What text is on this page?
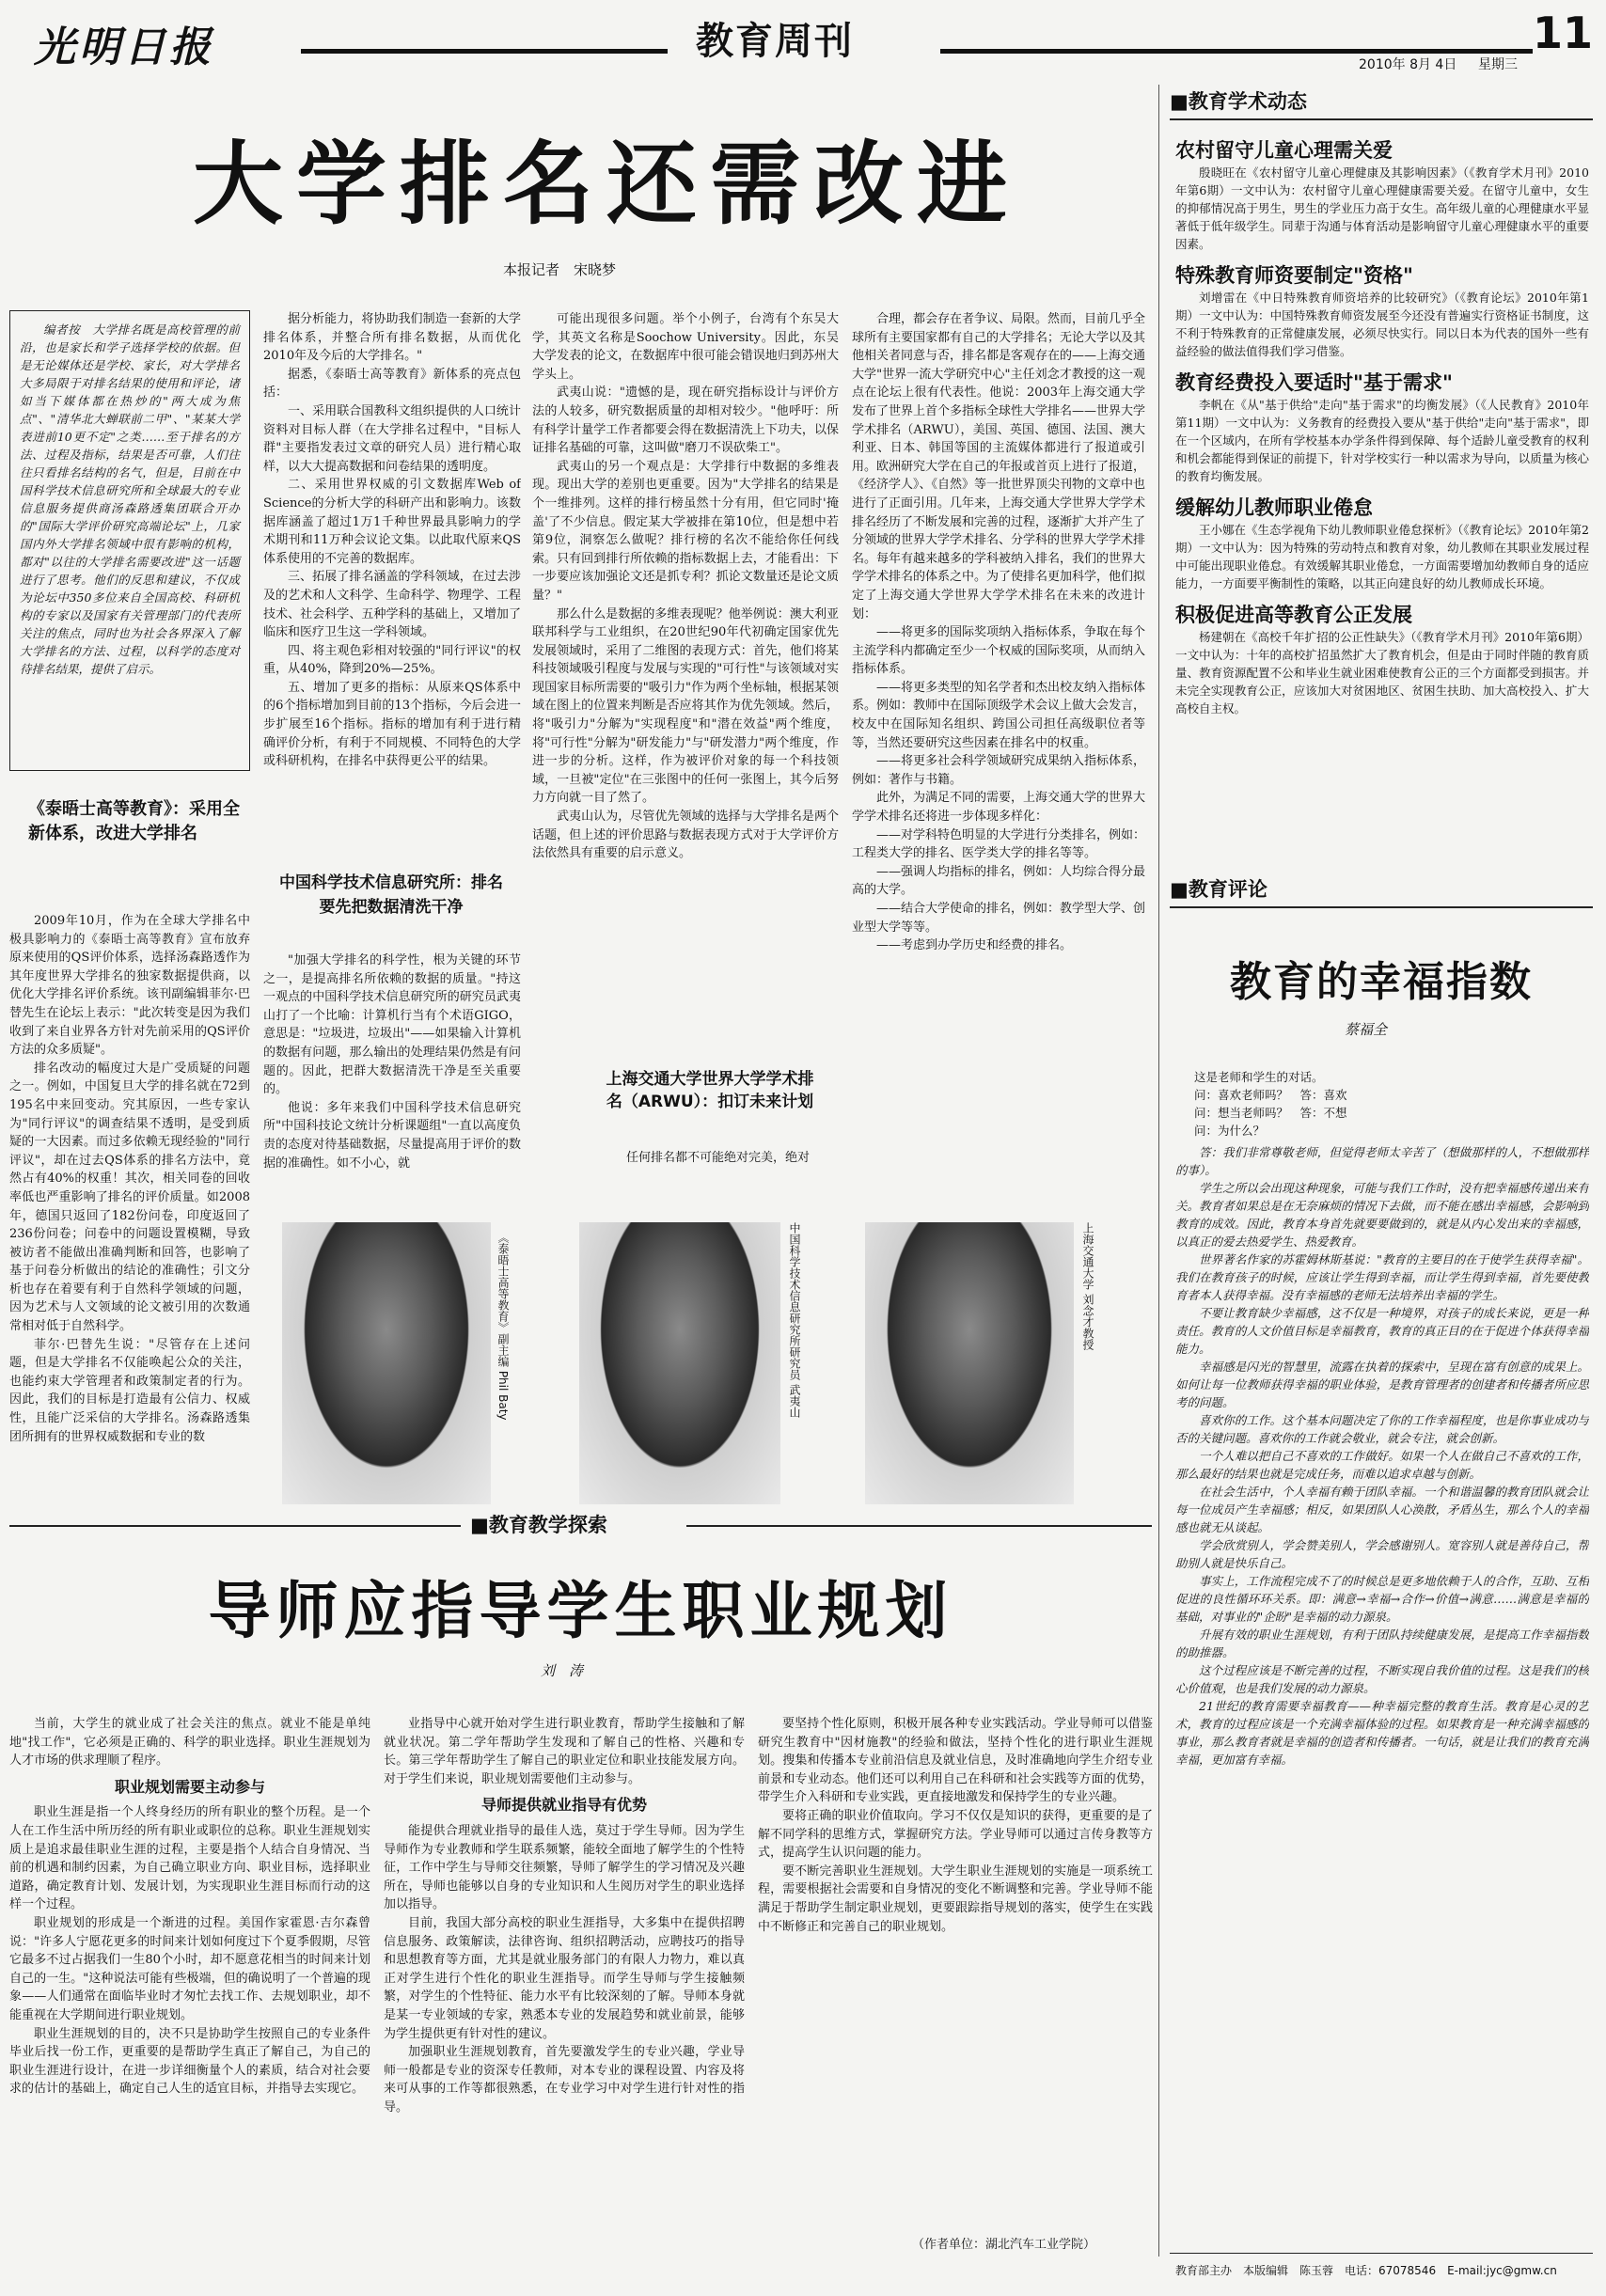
光明日报	教育周刊	11
2010年 8月 4日 星期三
大学排名还需改进
本报记者　宋晓梦

编者按　大学排名既是高校管理的前沿，也是家长和学子选择学校的依据。但是无论媒体还是学校、家长，对大学排名大多局限于对排名结果的使用和评论，诸如当下媒体都在热炒的"两大成为焦点"、"清华北大蝉联前二甲"、"某某大学表进前10更不定"之类……至于排名的方法、过程及指标，结果是否可靠，人们往往只看排名结构的名气，但是，目前在中国科学技术信息研究所和全球最大的专业信息服务提供商汤森路透集团联合开办的"国际大学评价研究高端论坛"上，几家国内外大学排名领域中很有影响的机构，都对"以往的大学排名需要改进"这一话题进行了思考。他们的反思和建议，不仅成为论坛中350多位来自全国高校、科研机构的专家以及国家有关管理部门的代表所关注的焦点，同时也为社会各界深入了解大学排名的方法、过程，以科学的态度对待排名结果，提供了启示。

《泰晤士高等教育》：采用全新体系，改进大学排名

2009年10月，作为在全球大学排名中极具影响力的《泰晤士高等教育》宣布放弃原来使用的QS评价体系，选择汤森路透作为其年度世界大学排名的独家数据提供商，以优化大学排名评价系统。该刊副编辑菲尔·巴替先生在论坛上表示："此次转变是因为我们收到了来自业界各方针对先前采用的QS评价方法的众多质疑"。

排名改动的幅度过大是广受质疑的问题之一。例如，中国复旦大学的排名就在72到195名中来回变动。究其原因，一些专家认为"同行评议"的调查结果不透明，是受到质疑的一大因素。而过多依赖无现经验的"同行评议"，却在过去QS体系的排名方法中，竟然占有40%的权重！其次，相关同卷的回收率低也严重影响了排名的评价质量。如2008年，德国只返回了182份问卷，印度返回了236份问卷；问卷中的问题设置模糊，导致被访者不能做出准确判断和回答，也影响了基于问卷分析做出的结论的准确性；引文分析也存在着要有利于自然科学领域的问题，因为艺术与人文领域的论文被引用的次数通常相对低于自然科学。

菲尔·巴替先生说："尽管存在上述问题，但是大学排名不仅能唤起公众的关注，也能约束大学管理者和政策制定者的行为。因此，我们的目标是打造最有公信力、权威性，且能广泛采信的大学排名。汤森路透集团所拥有的世界权威数据和专业的数

据分析能力，将协助我们制造一套新的大学排名体系，并整合所有排名数据，从而优化2010年及今后的大学排名。"

据悉，《泰晤士高等教育》新体系的亮点包括：

一、采用联合国教科文组织提供的人口统计资料对目标人群（在大学排名过程中，"目标人群"主要指发表过文章的研究人员）进行精心取样，以大大提高数据和问卷结果的透明度。

二、采用世界权威的引文数据库Web of Science的分析大学的科研产出和影响力。该数据库涵盖了超过1万1千种世界最具影响力的学术期刊和11万种会议论文集。以此取代原来QS体系使用的不完善的数据库。

三、拓展了排名涵盖的学科领域，在过去涉及的艺术和人文科学、生命科学、物理学、工程技术、社会科学、五种学科的基础上，又增加了临床和医疗卫生这一学科领域。

四、将主观色彩相对较强的"同行评议"的权重，从40%，降到20%—25%。

五、增加了更多的指标：从原来QS体系中的6个指标增加到目前的13个指标，今后会进一步扩展至16个指标。指标的增加有利于进行精确评价分析，有利于不同规模、不同特色的大学或科研机构，在排名中获得更公平的结果。

中国科学技术信息研究所：排名要先把数据清洗干净

"加强大学排名的科学性，根为关键的环节之一，是提高排名所依赖的数据的质量。"持这一观点的中国科学技术信息研究所的研究员武夷山打了一个比喻：计算机行当有个术语GIGO，意思是："垃圾进，垃圾出"——如果输入计算机的数据有问题，那么输出的处理结果仍然是有问题的。因此，把群大数据清洗干净是至关重要的。

他说：多年来我们中国科学技术信息研究所"中国科技论文统计分析课题组"一直以高度负责的态度对待基础数据，尽量提高用于评价的数据的准确性。如不小心，就

可能出现很多问题。举个小例子，台湾有个东吴大学，其英文名称是Soochow University。因此，东吴大学发表的论文，在数据库中很可能会错误地归到苏州大学头上。

武夷山说："遗憾的是，现在研究指标设计与评价方法的人较多，研究数据质量的却相对较少。"他呼吁：所有科学计量学工作者都要会得在数据清洗上下功夫，以保证排名基础的可靠，这叫做"磨刀不误砍柴工"。

武夷山的另一个观点是：大学排行中数据的多维表现。现出大学的差别也更重要。因为"大学排名的结果是个一维排列。这样的排行榜虽然十分有用，但它同时'掩盖'了不少信息。假定某大学被排在第10位，但是想中若第9位，洞察怎么做呢？排行榜的名次不能给你任何线索。只有回到排行所依赖的指标数据上去，才能看出：下一步要应该加强论文还是抓专利？抓论文数量还是论文质量？"

那么什么是数据的多维表现呢？他举例说：澳大利亚联邦科学与工业组织，在20世纪90年代初确定国家优先发展领域时，采用了二维图的表现方式：首先，他们将某科技领域吸引程度与发展与实现的"可行性"与该领域对实现国家目标所需要的"吸引力"作为两个坐标轴，根据某领域在图上的位置来判断是否应将其作为优先领域。然后，将"吸引力"分解为"实现程度"和"潜在效益"两个维度，将"可行性"分解为"研发能力"与"研发潜力"两个维度，作进一步的分析。这样，作为被评价对象的每一个科技领域，一旦被"定位"在三张图中的任何一张图上，其今后努力方向就一目了然了。

武夷山认为，尽管优先领域的选择与大学排名是两个话题，但上述的评价思路与数据表现方式对于大学评价方法依然具有重要的启示意义。

上海交通大学世界大学学术排名（ARWU）：扣订未来计划

任何排名都不可能绝对完美，绝对

合理，都会存在者争议、局限。然而，目前几乎全球所有主要国家都有自己的大学排名；无论大学以及其他相关者同意与否，排名都是客观存在的——上海交通大学"世界一流大学研究中心"主任刘念才教授的这一观点在论坛上很有代表性。他说：2003年上海交通大学发布了世界上首个多指标全球性大学排名——世界大学学术排名（ARWU），美国、英国、德国、法国、澳大利亚、日本、韩国等国的主流媒体都进行了报道或引用。欧洲研究大学在自己的年报或首页上进行了报道，《经济学人》、《自然》等一批世界顶尖刊物的文章中也进行了正面引用。几年来，上海交通大学世界大学学术排名经历了不断发展和完善的过程，逐渐扩大并产生了分领域的世界大学学术排名、分学科的世界大学学术排名。每年有越来越多的学科被纳入排名，我们的世界大学学术排名的体系之中。为了使排名更加科学，他们拟定了上海交通大学世界大学学术排名在未来的改进计划：

——将更多的国际奖项纳入指标体系，争取在每个主流学科内都确定至少一个权威的国际奖项，从而纳入指标体系。

——将更多类型的知名学者和杰出校友纳入指标体系。例如：教师中在国际顶级学术会议上做大会发言，校友中在国际知名组织、跨国公司担任高级职位者等等，当然还要研究这些因素在排名中的权重。

——将更多社会科学领域研究成果纳入指标体系，例如：著作与书籍。

此外，为满足不同的需要，上海交通大学的世界大学学术排名还将进一步体现多样化：

——对学科特色明显的大学进行分类排名，例如：工程类大学的排名、医学类大学的排名等等。

——强调人均指标的排名，例如：人均综合得分最高的大学。

——结合大学使命的排名，例如：教学型大学、创业型大学等等。

——考虑到办学历史和经费的排名。

《泰晤士高等教育》副主编 Phil Baty	中国科学技术信息研究所研究员 武夷山	上海交通大学 刘念才教授
■教育学术动态
农村留守儿童心理需关爱

殷晓旺在《农村留守儿童心理健康及其影响因素》（《教育学术月刊》2010年第6期）一文中认为：农村留守儿童心理健康需要关爱。在留守儿童中，女生的抑郁情况高于男生，男生的学业压力高于女生。高年级儿童的心理健康水平显著低于低年级学生。同辈于沟通与体育活动是影响留守儿童心理健康水平的重要因素。

特殊教育师资要制定"资格"

刘增雷在《中日特殊教育师资培养的比较研究》（《教育论坛》2010年第1期）一文中认为：中国特殊教育师资发展至今还没有普遍实行资格证书制度，这不利于特殊教育的正常健康发展，必须尽快实行。同以日本为代表的国外一些有益经验的做法值得我们学习借鉴。

教育经费投入要适时"基于需求"

李帆在《从"基于供给"走向"基于需求"的均衡发展》（《人民教育》2010年第11期）一文中认为：义务教育的经费投入要从"基于供给"走向"基于需求"，即在一个区域内，在所有学校基本办学条件得到保障、每个适龄儿童受教育的权利和机会都能得到保证的前提下，针对学校实行一种以需求为导向，以质量为核心的教育均衡发展。

缓解幼儿教师职业倦怠

王小娜在《生态学视角下幼儿教师职业倦怠探析》（《教育论坛》2010年第2期）一文中认为：因为特殊的劳动特点和教育对象，幼儿教师在其职业发展过程中可能出现职业倦怠。有效缓解其职业倦怠，一方面需要增加幼教师自身的适应能力，一方面要平衡制性的策略，以其正向建良好的幼儿教师成长环境。

积极促进高等教育公正发展

杨建朝在《高校千年扩招的公正性缺失》（《教育学术月刊》2010年第6期）一文中认为：十年的高校扩招虽然扩大了教育机会，但是由于同时伴随的教育质量、教育资源配置不公和毕业生就业困难使教育公正的三个方面都受到损害。并未完全实现教育公正，应该加大对贫困地区、贫困生扶助、加大高校投入、扩大高校自主权。

■教育评论
教育的幸福指数
蔡福全
这是老师和学生的对话。
问：喜欢老师吗？　答：喜欢
问：想当老师吗？　答：不想
问：为什么？

答：我们非常尊敬老师，但觉得老师太辛苦了（想做那样的人，不想做那样的事）。

学生之所以会出现这种现象，可能与我们工作时，没有把幸福感传递出来有关。教育者如果总是在无奈麻烦的情况下去做，而不能在感出幸福感，会影响到教育的成效。因此，教育本身首先就要要做到的，就是从内心发出来的幸福感，以真正的爱去热爱学生、热爱教育。

世界著名作家的苏霍姆林斯基说："教育的主要目的在于使学生获得幸福"。我们在教育孩子的时候，应该让学生得到幸福，而让学生得到幸福，首先要使教育者本人获得幸福。没有幸福感的老师无法培养出幸福的学生。

不要让教育缺少幸福感，这不仅是一种境界，对孩子的成长来说，更是一种责任。教育的人文价值目标是幸福教育，教育的真正目的在于促进个体获得幸福能力。

幸福感是闪光的智慧里，流露在执着的探索中，呈现在富有创意的成果上。如何让每一位教师获得幸福的职业体验，是教育管理者的创建者和传播者所应思考的问题。

喜欢你的工作。这个基本问题决定了你的工作幸福程度，也是你事业成功与否的关键问题。喜欢你的工作就会敬业，就会专注，就会创新。

一个人难以把自己不喜欢的工作做好。如果一个人在做自己不喜欢的工作，那么最好的结果也就是完成任务，而难以追求卓越与创新。

在社会生活中，个人幸福有赖于团队幸福。一个和谐温馨的教育团队就会让每一位成员产生幸福感；相反，如果团队人心涣散，矛盾丛生，那么个人的幸福感也就无从谈起。

学会欣赏别人，学会赞美别人，学会感谢别人。宽容别人就是善待自己，帮助别人就是快乐自己。

事实上，工作流程完成不了的时候总是更多地依赖于人的合作，互助、互相促进的良性循环环关系。即：满意→幸福→合作→价值→满意……满意是幸福的基础，对事业的"企盼"是幸福的动力源泉。

升展有效的职业生涯规划，有利于团队持续健康发展，是提高工作幸福指数的助推器。

这个过程应该是不断完善的过程，不断实现自我价值的过程。这是我们的核心价值观，也是我们发展的动力源泉。

21世纪的教育需要幸福教育——种幸福完整的教育生活。教育是心灵的艺术，教育的过程应该是一个充满幸福体验的过程。如果教育是一种充满幸福感的事业，那么教育者就是幸福的创造者和传播者。一句话，就是让我们的教育充满幸福，更加富有幸福。

■教育教学探索
导师应指导学生职业规划
刘　涛

当前，大学生的就业成了社会关注的焦点。就业不能是单纯地"找工作"，它必须是正确的、科学的职业选择。职业生涯规划为人才市场的供求理顺了程序。

职业规划需要主动参与

职业生涯是指一个人终身经历的所有职业的整个历程。是一个人在工作生活中所历经的所有职业或职位的总称。职业生涯规划实质上是追求最佳职业生涯的过程，主要是指个人结合自身情况、当前的机遇和制约因素，为自己确立职业方向、职业目标，选择职业道路，确定教育计划、发展计划，为实现职业生涯目标而行动的这样一个过程。

职业规划的形成是一个渐进的过程。美国作家霍恩·吉尔森曾说："许多人宁愿花更多的时间来计划如何度过下个夏季假期，尽管它最多不过占据我们一生80个小时，却不愿意花相当的时间来计划自己的一生。"这种说法可能有些极端，但的确说明了一个普遍的现象——人们通常在面临毕业时才匆忙去找工作、去规划职业，却不能重视在大学期间进行职业规划。

职业生涯规划的目的，决不只是协助学生按照自己的专业条件毕业后找一份工作，更重要的是帮助学生真正了解自己，为自己的职业生涯进行设计，在进一步详细衡量个人的素质，结合对社会要求的估计的基础上，确定自己人生的适宜目标，并指导去实现它。

业指导中心就开始对学生进行职业教育，帮助学生接触和了解就业状况。第二学年帮助学生发现和了解自己的性格、兴趣和专长。第三学年帮助学生了解自己的职业定位和职业技能发展方向。对于学生们来说，职业规划需要他们主动参与。

导师提供就业指导有优势

能提供合理就业指导的最佳人选，莫过于学生导师。因为学生导师作为专业教师和学生联系频繁，能较全面地了解学生的个性特征，工作中学生与导师交往频繁，导师了解学生的学习情况及兴趣所在，导师也能够以自身的专业知识和人生阅历对学生的职业选择加以指导。

目前，我国大部分高校的职业生涯指导，大多集中在提供招聘信息服务、政策解读，法律咨询、组织招聘活动，应聘技巧的指导和思想教育等方面，尤其是就业服务部门的有限人力物力，难以真正对学生进行个性化的职业生涯指导。而学生导师与学生接触频繁，对学生的个性特征、能力水平有比较深刻的了解。导师本身就是某一专业领域的专家，熟悉本专业的发展趋势和就业前景，能够为学生提供更有针对性的建议。

加强职业生涯规划教育，首先要激发学生的专业兴趣，学业导师一般都是专业的资深专任教师，对本专业的课程设置、内容及将来可从事的工作等都很熟悉，在专业学习中对学生进行针对性的指导。

要坚持个性化原则，积极开展各种专业实践活动。学业导师可以借鉴研究生教育中"因材施教"的经验和做法，坚持个性化的进行职业生涯规划。搜集和传播本专业前沿信息及就业信息，及时准确地向学生介绍专业前景和专业动态。他们还可以利用自己在科研和社会实践等方面的优势，带学生介入科研和专业实践，更直接地激发和保持学生的专业兴趣。

要将正确的职业价值取向。学习不仅仅是知识的获得，更重要的是了解不同学科的思维方式，掌握研究方法。学业导师可以通过言传身教等方式，提高学生认识问题的能力。

要不断完善职业生涯规划。大学生职业生涯规划的实施是一项系统工程，需要根据社会需要和自身情况的变化不断调整和完善。学业导师不能满足于帮助学生制定职业规划，更要跟踪指导规划的落实，使学生在实践中不断修正和完善自己的职业规划。

（作者单位：湖北汽车工业学院）
教育部主办　本版编辑　陈玉蓉　电话：67078546　E-mail:jyc@gmw.cn
